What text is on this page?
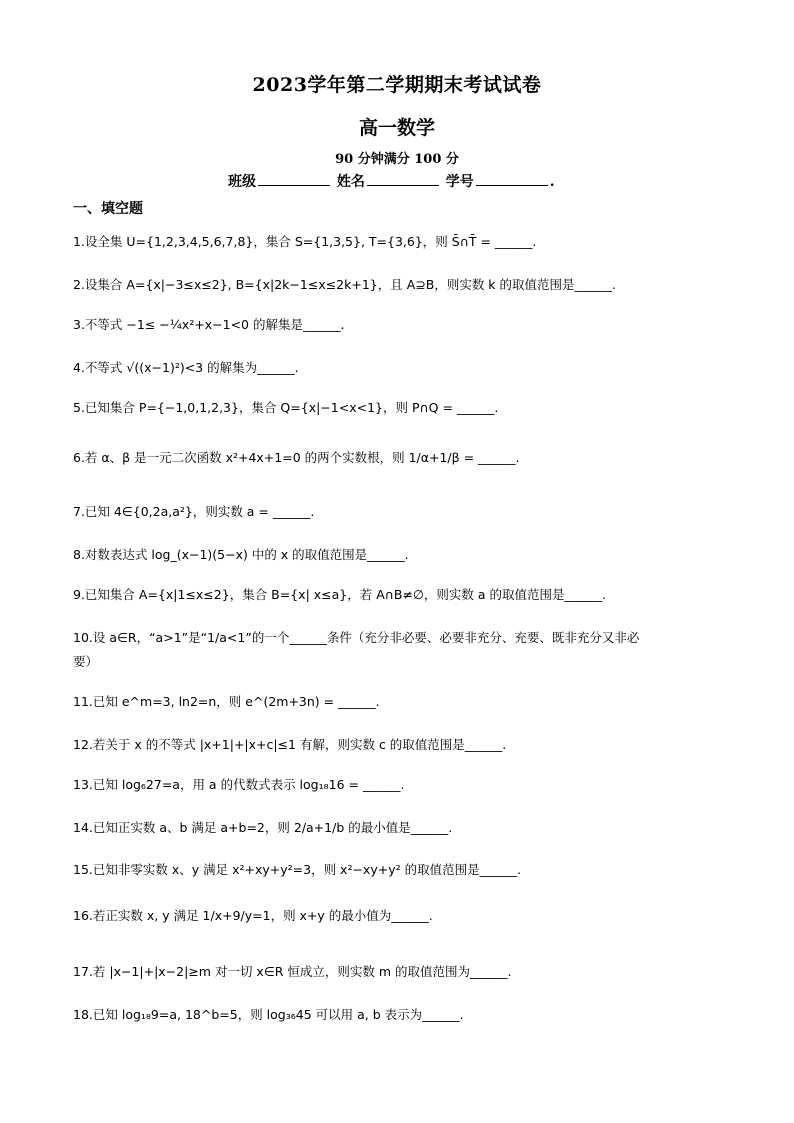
2023学年第二学期期末考试试卷
高一数学
90 分钟满分 100 分
班级	姓名	学号	.
一、填空题
1.设全集 U={1,2,3,4,5,6,7,8}，集合 S={1,3,5}, T={3,6}，则 S̄∩T̄ = ______.
2.设集合 A={x|−3≤x≤2}, B={x|2k−1≤x≤2k+1}，且 A⊇B，则实数 k 的取值范围是______.
3.不等式 −1≤ −¼x²+x−1<0 的解集是______.
4.不等式 √((x−1)²)<3 的解集为______.
5.已知集合 P={−1,0,1,2,3}，集合 Q={x|−1<x<1}，则 P∩Q = ______.
6.若 α、β 是一元二次函数 x²+4x+1=0 的两个实数根，则 1/α+1/β = ______.
7.已知 4∈{0,2a,a²}，则实数 a = ______.
8.对数表达式 log_(x−1)(5−x) 中的 x 的取值范围是______.
9.已知集合 A={x|1≤x≤2}，集合 B={x| x≤a}，若 A∩B≠∅，则实数 a 的取值范围是______.
10.设 a∈R，“a>1”是“1/a<1”的一个______条件（充分非必要、必要非充分、充要、既非充分又非必
要）
11.已知 e^m=3, ln2=n，则 e^(2m+3n) = ______.
12.若关于 x 的不等式 |x+1|+|x+c|≤1 有解，则实数 c 的取值范围是______.
13.已知 log₆27=a，用 a 的代数式表示 log₁₈16 = ______.
14.已知正实数 a、b 满足 a+b=2，则 2/a+1/b 的最小值是______.
15.已知非零实数 x、y 满足 x²+xy+y²=3，则 x²−xy+y² 的取值范围是______.
16.若正实数 x, y 满足 1/x+9/y=1，则 x+y 的最小值为______.
17.若 |x−1|+|x−2|≥m 对一切 x∈R 恒成立，则实数 m 的取值范围为______.
18.已知 log₁₈9=a, 18^b=5，则 log₃₆45 可以用 a, b 表示为______.
